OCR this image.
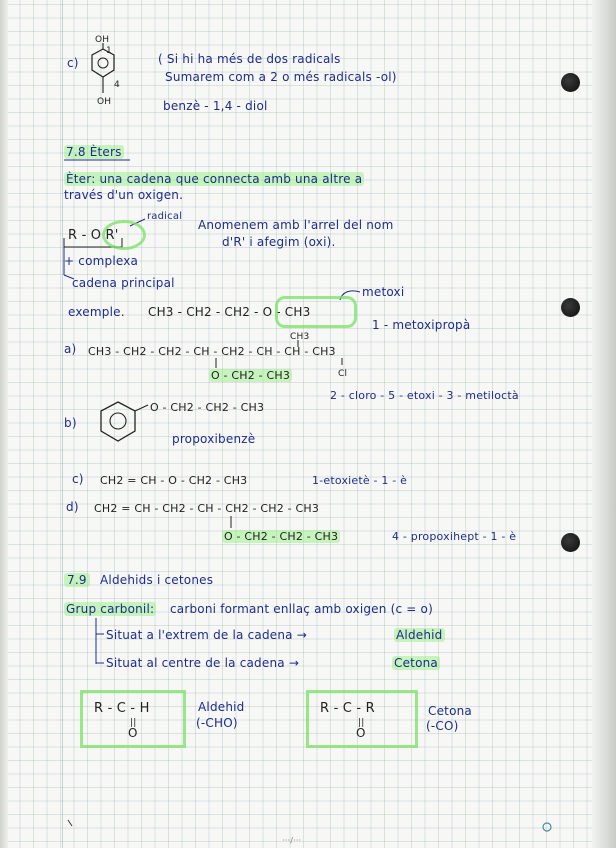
c)
OH
1
4
OH
( Si hi ha més de dos radicals
Sumarem com a 2 o més radicals -ol)
benzè - 1,4 - diol
7.8 Èters
Èter: una cadena que connecta amb una altre a
través d'un oxigen.
R - O R'
radical
Anomenem amb l'arrel del nom
d'R' i afegim (oxi).
+ complexa
cadena principal
exemple. CH3 - CH2 - CH2 - O - CH3
metoxi
1 - metoxipropà
a)
CH3
CH3 - CH2 - CH2 - CH - CH2 - CH - CH - CH3
O - CH2 - CH3	Cl
2 - cloro - 5 - etoxi - 3 - metiloctà
b)
O - CH2 - CH2 - CH3
propoxibenzè
c) CH2 = CH - O - CH2 - CH3	1-etoxietè - 1 - è
d) CH2 = CH - CH2 - CH - CH2 - CH2 - CH3
O - CH2 - CH2 - CH3	4 - propoxihept - 1 - è
7.9 Aldehids i cetones
Grup carbonil: carboni formant enllaç amb oxigen (c = o)
Situat a l'extrem de la cadena →	Aldehid
Situat al centre de la cadena →	Cetona
R - C - H
||
O
Aldehid
(-CHO)
R - C - R
||
O
Cetona
(-CO)
···/···
